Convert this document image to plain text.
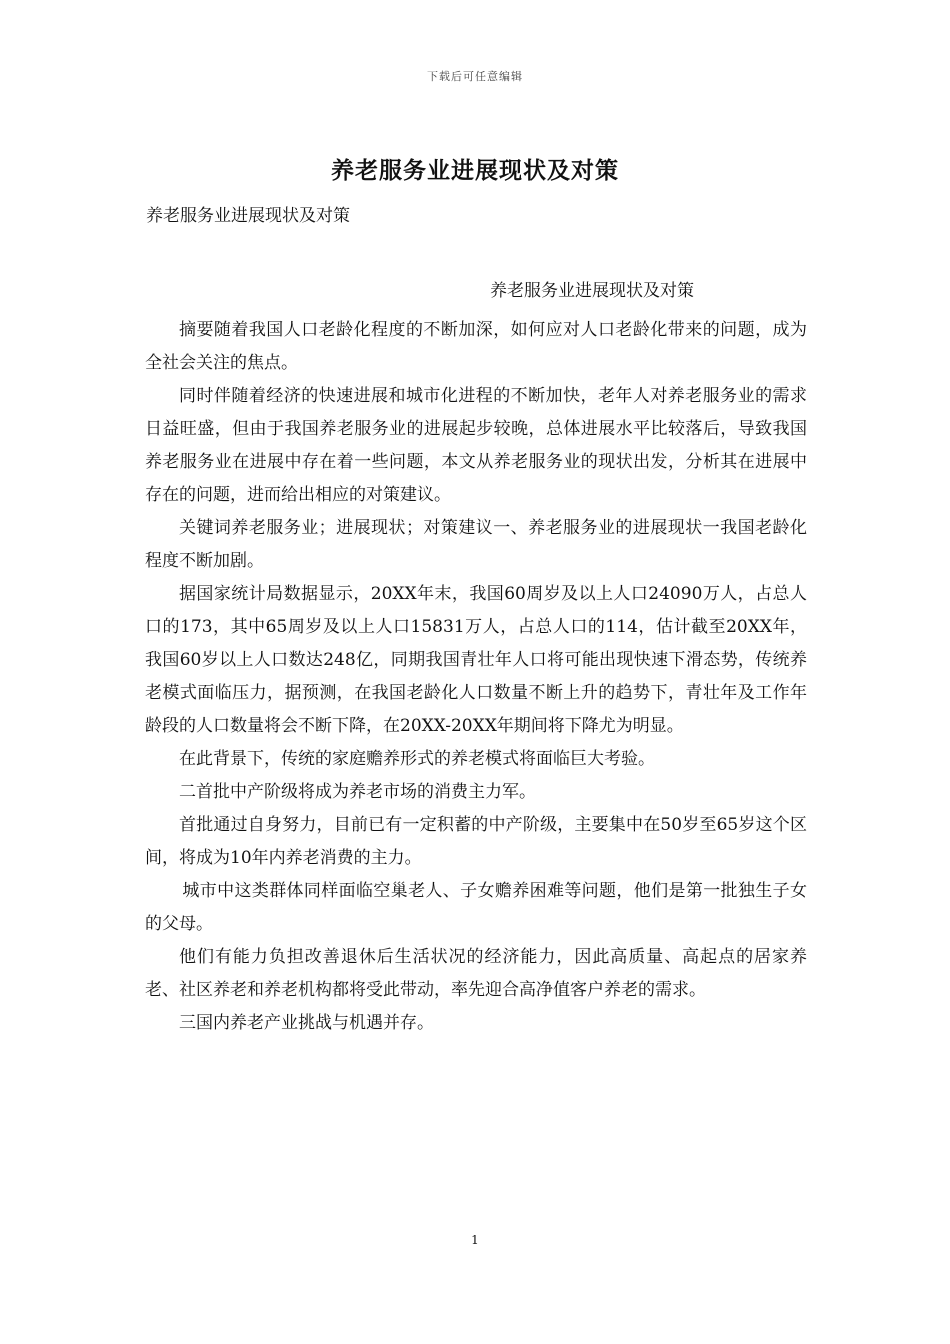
下载后可任意编辑
养老服务业进展现状及对策
养老服务业进展现状及对策
养老服务业进展现状及对策

摘要随着我国人口老龄化程度的不断加深，如何应对人口老龄化带来的问题，成为全社会关注的焦点。

同时伴随着经济的快速进展和城市化进程的不断加快，老年人对养老服务业的需求日益旺盛，但由于我国养老服务业的进展起步较晚，总体进展水平比较落后，导致我国养老服务业在进展中存在着一些问题，本文从养老服务业的现状出发，分析其在进展中存在的问题，进而给出相应的对策建议。

关键词养老服务业；进展现状；对策建议一、养老服务业的进展现状一我国老龄化程度不断加剧。

据国家统计局数据显示，20XX年末，我国60周岁及以上人口24090万人，占总人口的173，其中65周岁及以上人口15831万人，占总人口的114，估计截至20XX年，我国60岁以上人口数达248亿，同期我国青壮年人口将可能出现快速下滑态势，传统养老模式面临压力，据预测，在我国老龄化人口数量不断上升的趋势下，青壮年及工作年龄段的人口数量将会不断下降，在20XX-20XX年期间将下降尤为明显。

在此背景下，传统的家庭赡养形式的养老模式将面临巨大考验。

二首批中产阶级将成为养老市场的消费主力军。

首批通过自身努力，目前已有一定积蓄的中产阶级，主要集中在50岁至65岁这个区间，将成为10年内养老消费的主力。

城市中这类群体同样面临空巢老人、子女赡养困难等问题，他们是第一批独生子女的父母。

他们有能力负担改善退休后生活状况的经济能力，因此高质量、高起点的居家养老、社区养老和养老机构都将受此带动，率先迎合高净值客户养老的需求。

三国内养老产业挑战与机遇并存。

1
